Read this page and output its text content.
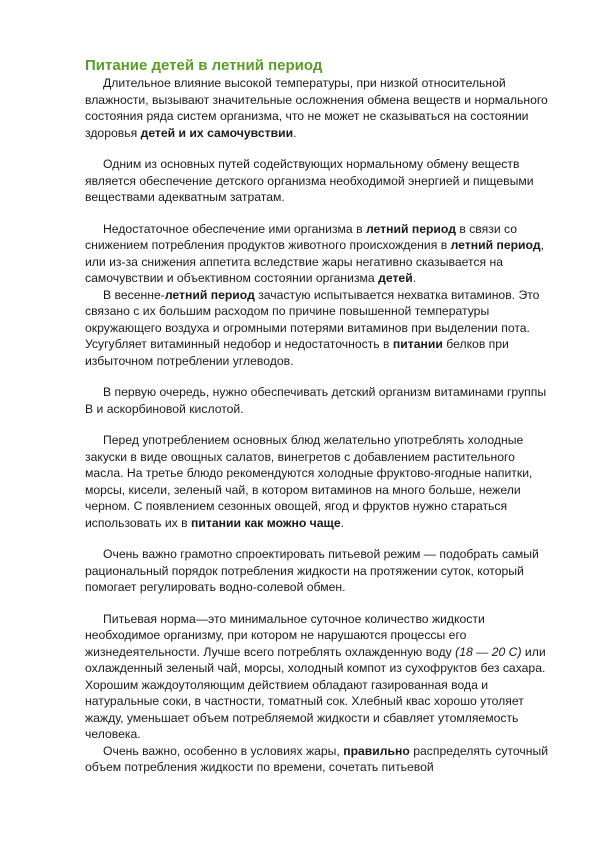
Питание детей в летний период

Длительное влияние высокой температуры, при низкой относительной влажности, вызывают значительные осложнения обмена веществ и нормального состояния ряда систем организма, что не может не сказываться на состоянии здоровья детей и их самочувствии.

Одним из основных путей содействующих нормальному обмену веществ является обеспечение детского организма необходимой энергией и пищевыми веществами адекватным затратам.

Недостаточное обеспечение ими организма в летний период в связи со снижением потребления продуктов животного происхождения в летний период, или из-за снижения аппетита вследствие жары негативно сказывается на самочувствии и объективном состоянии организма детей.

В весенне-летний период зачастую испытывается нехватка витаминов. Это связано с их большим расходом по причине повышенной температуры окружающего воздуха и огромными потерями витаминов при выделении пота. Усугубляет витаминный недобор и недостаточность в питании белков при избыточном потреблении углеводов.

В первую очередь, нужно обеспечивать детский организм витаминами группы В и аскорбиновой кислотой.

Перед употреблением основных блюд желательно употреблять холодные закуски в виде овощных салатов, винегретов с добавлением растительного масла. На третье блюдо рекомендуются холодные фруктово-ягодные напитки, морсы, кисели, зеленый чай, в котором витаминов на много больше, нежели черном. С появлением сезонных овощей, ягод и фруктов нужно стараться использовать их в питании как можно чаще.

Очень важно грамотно спроектировать питьевой режим — подобрать самый рациональный порядок потребления жидкости на протяжении суток, который помогает регулировать водно-солевой обмен.

Питьевая норма—это минимальное суточное количество жидкости необходимое организму, при котором не нарушаются процессы его жизнедеятельности. Лучше всего потреблять охлажденную воду (18 — 20 С) или охлажденный зеленый чай, морсы, холодный компот из сухофруктов без сахара. Хорошим жаждоутоляющим действием обладают газированная вода и натуральные соки, в частности, томатный сок. Хлебный квас хорошо утоляет жажду, уменьшает объем потребляемой жидкости и сбавляет утомляемость человека.

Очень важно, особенно в условиях жары, правильно распределять суточный объем потребления жидкости по времени, сочетать питьевой
